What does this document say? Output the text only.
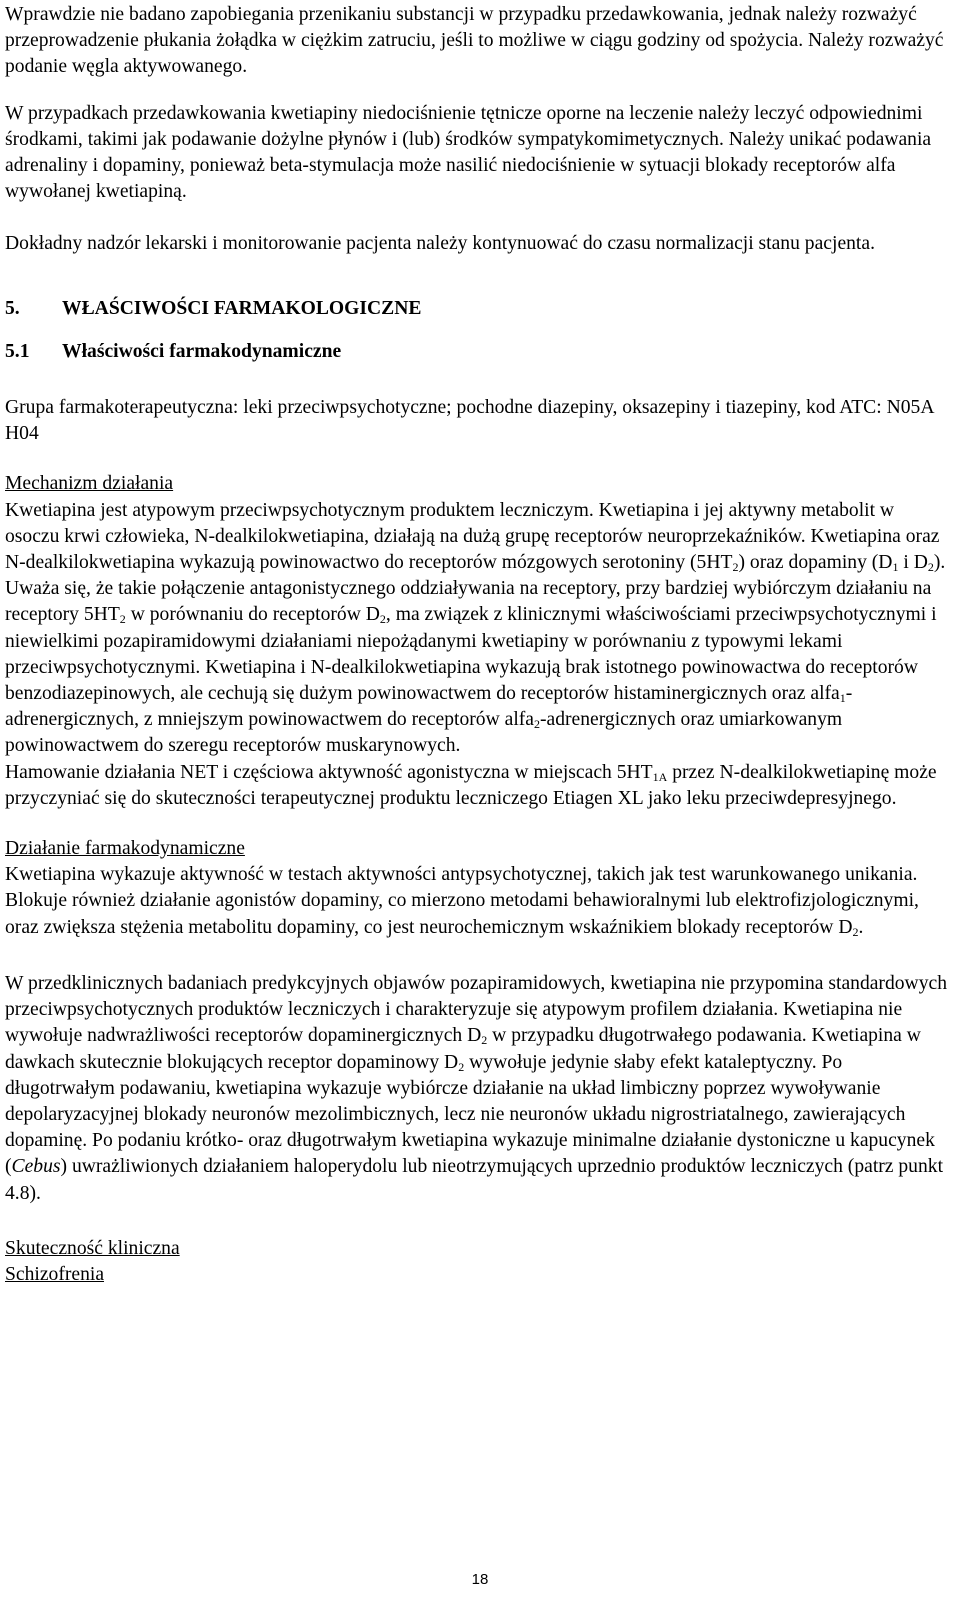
Wprawdzie nie badano zapobiegania przenikaniu substancji w przypadku przedawkowania, jednak należy rozważyć przeprowadzenie płukania żołądka w ciężkim zatruciu, jeśli to możliwe w ciągu godziny od spożycia. Należy rozważyć podanie węgla aktywowanego.

W przypadkach przedawkowania kwetiapiny niedociśnienie tętnicze oporne na leczenie należy leczyć odpowiednimi środkami, takimi jak podawanie dożylne płynów i (lub) środków sympatykomimetycznych. Należy unikać podawania adrenaliny i dopaminy, ponieważ beta-stymulacja może nasilić niedociśnienie w sytuacji blokady receptorów alfa wywołanej kwetiapiną.

Dokładny nadzór lekarski i monitorowanie pacjenta należy kontynuować do czasu normalizacji stanu pacjenta.

5.	WŁAŚCIWOŚCI FARMAKOLOGICZNE

5.1	Właściwości farmakodynamiczne

Grupa farmakoterapeutyczna: leki przeciwpsychotyczne; pochodne diazepiny, oksazepiny i tiazepiny, kod ATC: N05A H04

Mechanizm działania

Kwetiapina jest atypowym przeciwpsychotycznym produktem leczniczym. Kwetiapina i jej aktywny metabolit w osoczu krwi człowieka, N-dealkilokwetiapina, działają na dużą grupę receptorów neuroprzekaźników. Kwetiapina oraz N-dealkilokwetiapina wykazują powinowactwo do receptorów mózgowych serotoniny $(5HT_2)$ oraz dopaminy ($D_1$ i $D_2$). Uważa się, że takie połączenie antagonistycznego oddziaływania na receptory, przy bardziej wybiórczym działaniu na receptory $5HT_2$ w porównaniu do receptorów $D_2$, ma związek z klinicznymi właściwościami przeciwpsychotycznymi i niewielkimi pozapiramidowymi działaniami niepożądanymi kwetiapiny w porównaniu z typowymi lekami przeciwpsychotycznymi. Kwetiapina i N-dealkilokwetiapina wykazują brak istotnego powinowactwa do receptorów benzodiazepinowych, ale cechują się dużym powinowactwem do receptorów histaminergicznych oraz alfa$_1$-adrenergicznych, z mniejszym powinowactwem do receptorów alfa$_2$-adrenergicznych oraz umiarkowanym powinowactwem do szeregu receptorów muskarynowych.

Hamowanie działania NET i częściowa aktywność agonistyczna w miejscach $5HT_{1A}$ przez N-dealkilokwetiapinę może przyczyniać się do skuteczności terapeutycznej produktu leczniczego Etiagen XL jako leku przeciwdepresyjnego.

Działanie farmakodynamiczne

Kwetiapina wykazuje aktywność w testach aktywności antypsychotycznej, takich jak test warunkowanego unikania. Blokuje również działanie agonistów dopaminy, co mierzono metodami behawioralnymi lub elektrofizjologicznymi, oraz zwiększa stężenia metabolitu dopaminy, co jest neurochemicznym wskaźnikiem blokady receptorów $D_2$.

W przedklinicznych badaniach predykcyjnych objawów pozapiramidowych, kwetiapina nie przypomina standardowych przeciwpsychotycznych produktów leczniczych i charakteryzuje się atypowym profilem działania. Kwetiapina nie wywołuje nadwrażliwości receptorów dopaminergicznych $D_2$ w przypadku długotrwałego podawania. Kwetiapina w dawkach skutecznie blokujących receptor dopaminowy $D_2$ wywołuje jedynie słaby efekt kataleptyczny. Po długotrwałym podawaniu, kwetiapina wykazuje wybiórcze działanie na układ limbiczny poprzez wywoływanie depolaryzacyjnej blokady neuronów mezolimbicznych, lecz nie neuronów układu nigrostriatalnego, zawierających dopaminę. Po podaniu krótko- oraz długotrwałym kwetiapina wykazuje minimalne działanie dystoniczne u kapucynek (Cebus) uwrażliwionych działaniem haloperydolu lub nieotrzymujących uprzednio produktów leczniczych (patrz punkt 4.8).

Skuteczność kliniczna

Schizofrenia

18
